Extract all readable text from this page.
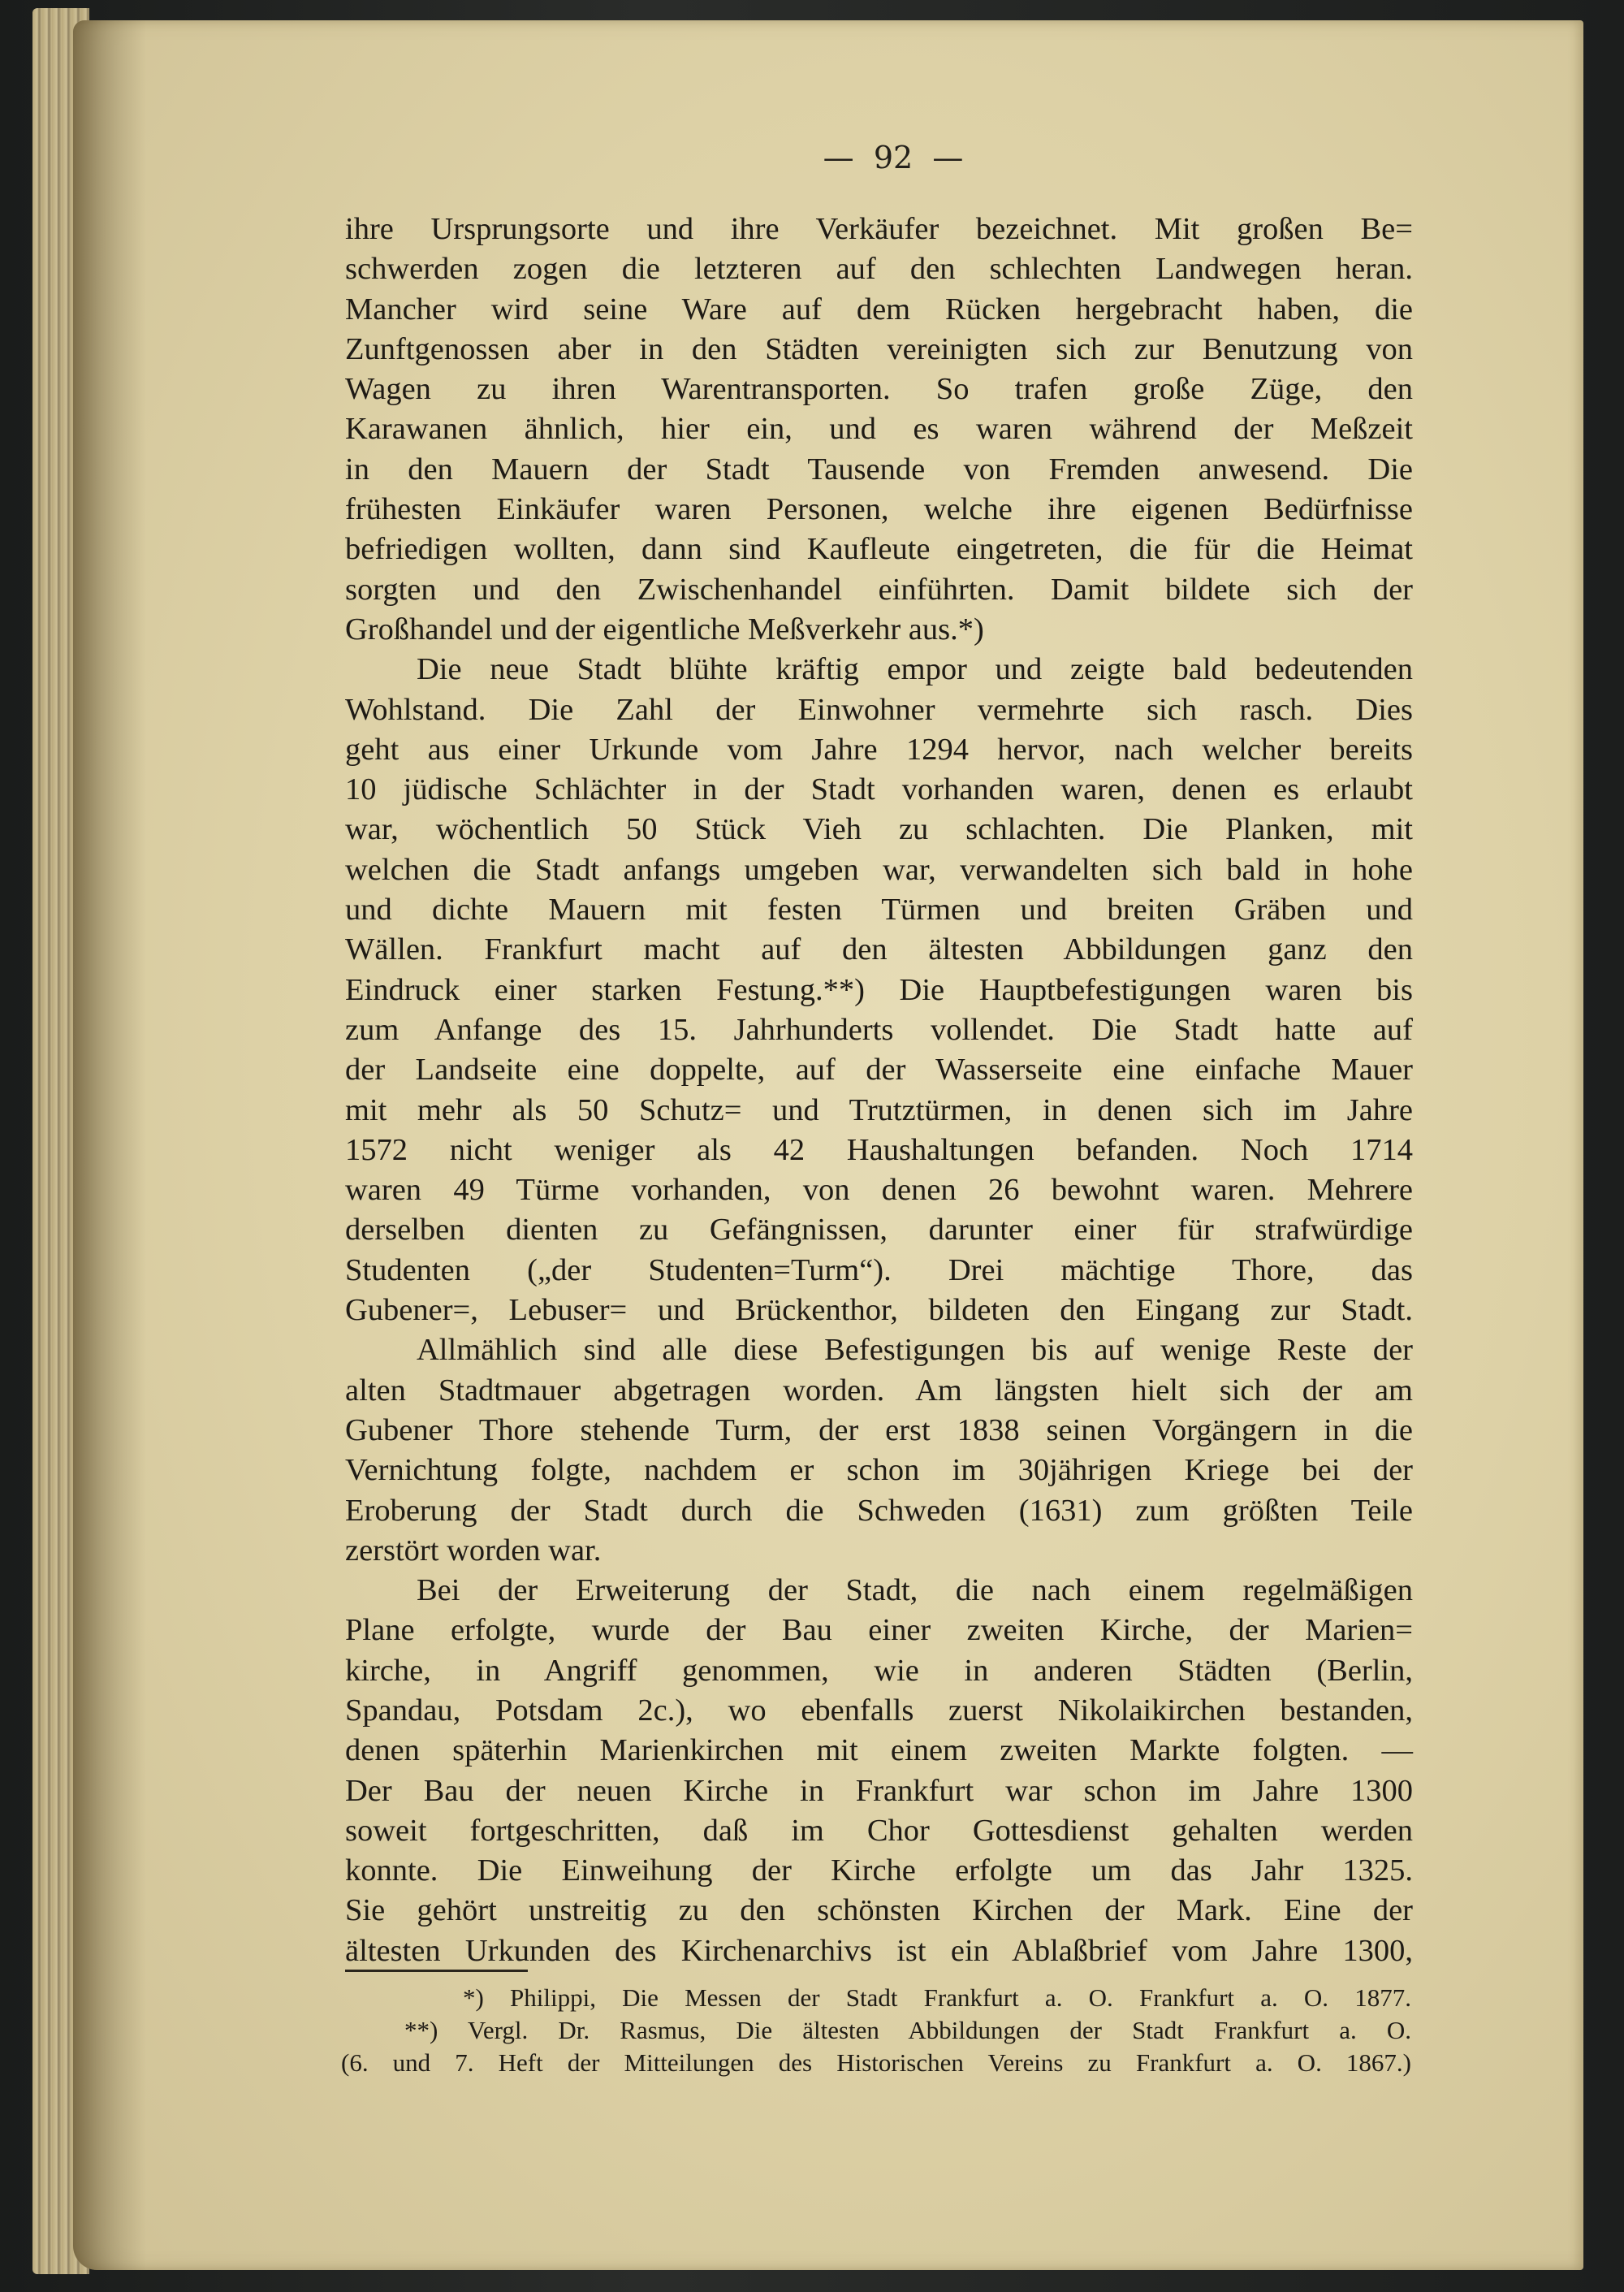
—  92  —
ihre Ursprungsorte und ihre Verkäufer bezeichnet. Mit großen Be=
schwerden zogen die letzteren auf den schlechten Landwegen heran.
Mancher wird seine Ware auf dem Rücken hergebracht haben, die
Zunftgenossen aber in den Städten vereinigten sich zur Benutzung von
Wagen zu ihren Warentransporten. So trafen große Züge, den
Karawanen ähnlich, hier ein, und es waren während der Meßzeit
in den Mauern der Stadt Tausende von Fremden anwesend. Die
frühesten Einkäufer waren Personen, welche ihre eigenen Bedürfnisse
befriedigen wollten, dann sind Kaufleute eingetreten, die für die Heimat
sorgten und den Zwischenhandel einführten. Damit bildete sich der
Großhandel und der eigentliche Meßverkehr aus.*)
Die neue Stadt blühte kräftig empor und zeigte bald bedeutenden
Wohlstand. Die Zahl der Einwohner vermehrte sich rasch. Dies
geht aus einer Urkunde vom Jahre 1294 hervor, nach welcher bereits
10 jüdische Schlächter in der Stadt vorhanden waren, denen es erlaubt
war, wöchentlich 50 Stück Vieh zu schlachten. Die Planken, mit
welchen die Stadt anfangs umgeben war, verwandelten sich bald in hohe
und dichte Mauern mit festen Türmen und breiten Gräben und
Wällen. Frankfurt macht auf den ältesten Abbildungen ganz den
Eindruck einer starken Festung.**) Die Hauptbefestigungen waren bis
zum Anfange des 15. Jahrhunderts vollendet. Die Stadt hatte auf
der Landseite eine doppelte, auf der Wasserseite eine einfache Mauer
mit mehr als 50 Schutz= und Trutztürmen, in denen sich im Jahre
1572 nicht weniger als 42 Haushaltungen befanden. Noch 1714
waren 49 Türme vorhanden, von denen 26 bewohnt waren. Mehrere
derselben dienten zu Gefängnissen, darunter einer für strafwürdige
Studenten („der Studenten=Turm“). Drei mächtige Thore, das
Gubener=, Lebuser= und Brückenthor, bildeten den Eingang zur Stadt.
Allmählich sind alle diese Befestigungen bis auf wenige Reste der
alten Stadtmauer abgetragen worden. Am längsten hielt sich der am
Gubener Thore stehende Turm, der erst 1838 seinen Vorgängern in die
Vernichtung folgte, nachdem er schon im 30jährigen Kriege bei der
Eroberung der Stadt durch die Schweden (1631) zum größten Teile
zerstört worden war.
Bei der Erweiterung der Stadt, die nach einem regelmäßigen
Plane erfolgte, wurde der Bau einer zweiten Kirche, der Marien=
kirche, in Angriff genommen, wie in anderen Städten (Berlin,
Spandau, Potsdam 2c.), wo ebenfalls zuerst Nikolaikirchen bestanden,
denen späterhin Marienkirchen mit einem zweiten Markte folgten. —
Der Bau der neuen Kirche in Frankfurt war schon im Jahre 1300
soweit fortgeschritten, daß im Chor Gottesdienst gehalten werden
konnte. Die Einweihung der Kirche erfolgte um das Jahr 1325.
Sie gehört unstreitig zu den schönsten Kirchen der Mark. Eine der
ältesten Urkunden des Kirchenarchivs ist ein Ablaßbrief vom Jahre 1300,
*) Philippi, Die Messen der Stadt Frankfurt a. O. Frankfurt a. O. 1877.
**) Vergl. Dr. Rasmus, Die ältesten Abbildungen der Stadt Frankfurt a. O.
(6. und 7. Heft der Mitteilungen des Historischen Vereins zu Frankfurt a. O. 1867.)
